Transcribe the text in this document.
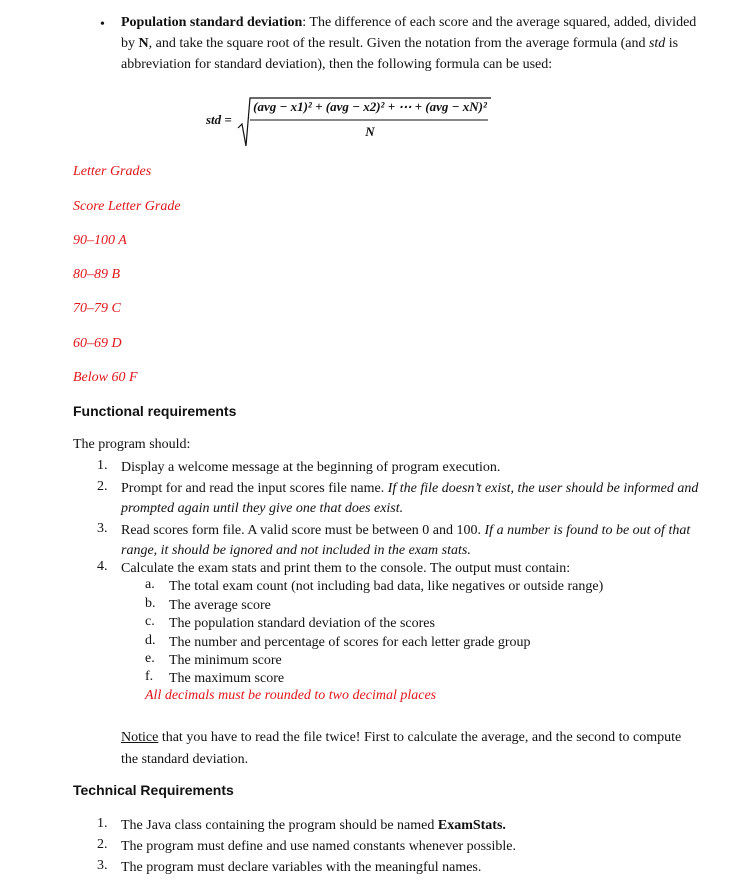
• Population standard deviation: The difference of each score and the average squared, added, divided by N, and take the square root of the result. Given the notation from the average formula (and std is abbreviation for standard deviation), then the following formula can be used:
std =
(avg − x1)² + (avg − x2)² + ⋯ + (avg − xN)²
N
Letter Grades
Score Letter Grade
90–100 A
80–89 B
70–79 C
60–69 D
Below 60 F
Functional requirements
The program should:
1. Display a welcome message at the beginning of program execution.
2. Prompt for and read the input scores file name. If the file doesn’t exist, the user should be informed and prompted again until they give one that does exist.
3. Read scores form file. A valid score must be between 0 and 100. If a number is found to be out of that range, it should be ignored and not included in the exam stats.
4. Calculate the exam stats and print them to the console. The output must contain:
a.	The total exam count (not including bad data, like negatives or outside range)
b. The average score
c.	The population standard deviation of the scores
d. The number and percentage of scores for each letter grade group
e.	The minimum score
f.	The maximum score
All decimals must be rounded to two decimal places
Notice that you have to read the file twice! First to calculate the average, and the second to compute the standard deviation.
Technical Requirements
1. The Java class containing the program should be named ExamStats.
2. The program must define and use named constants whenever possible.
3. The program must declare variables with the meaningful names.
